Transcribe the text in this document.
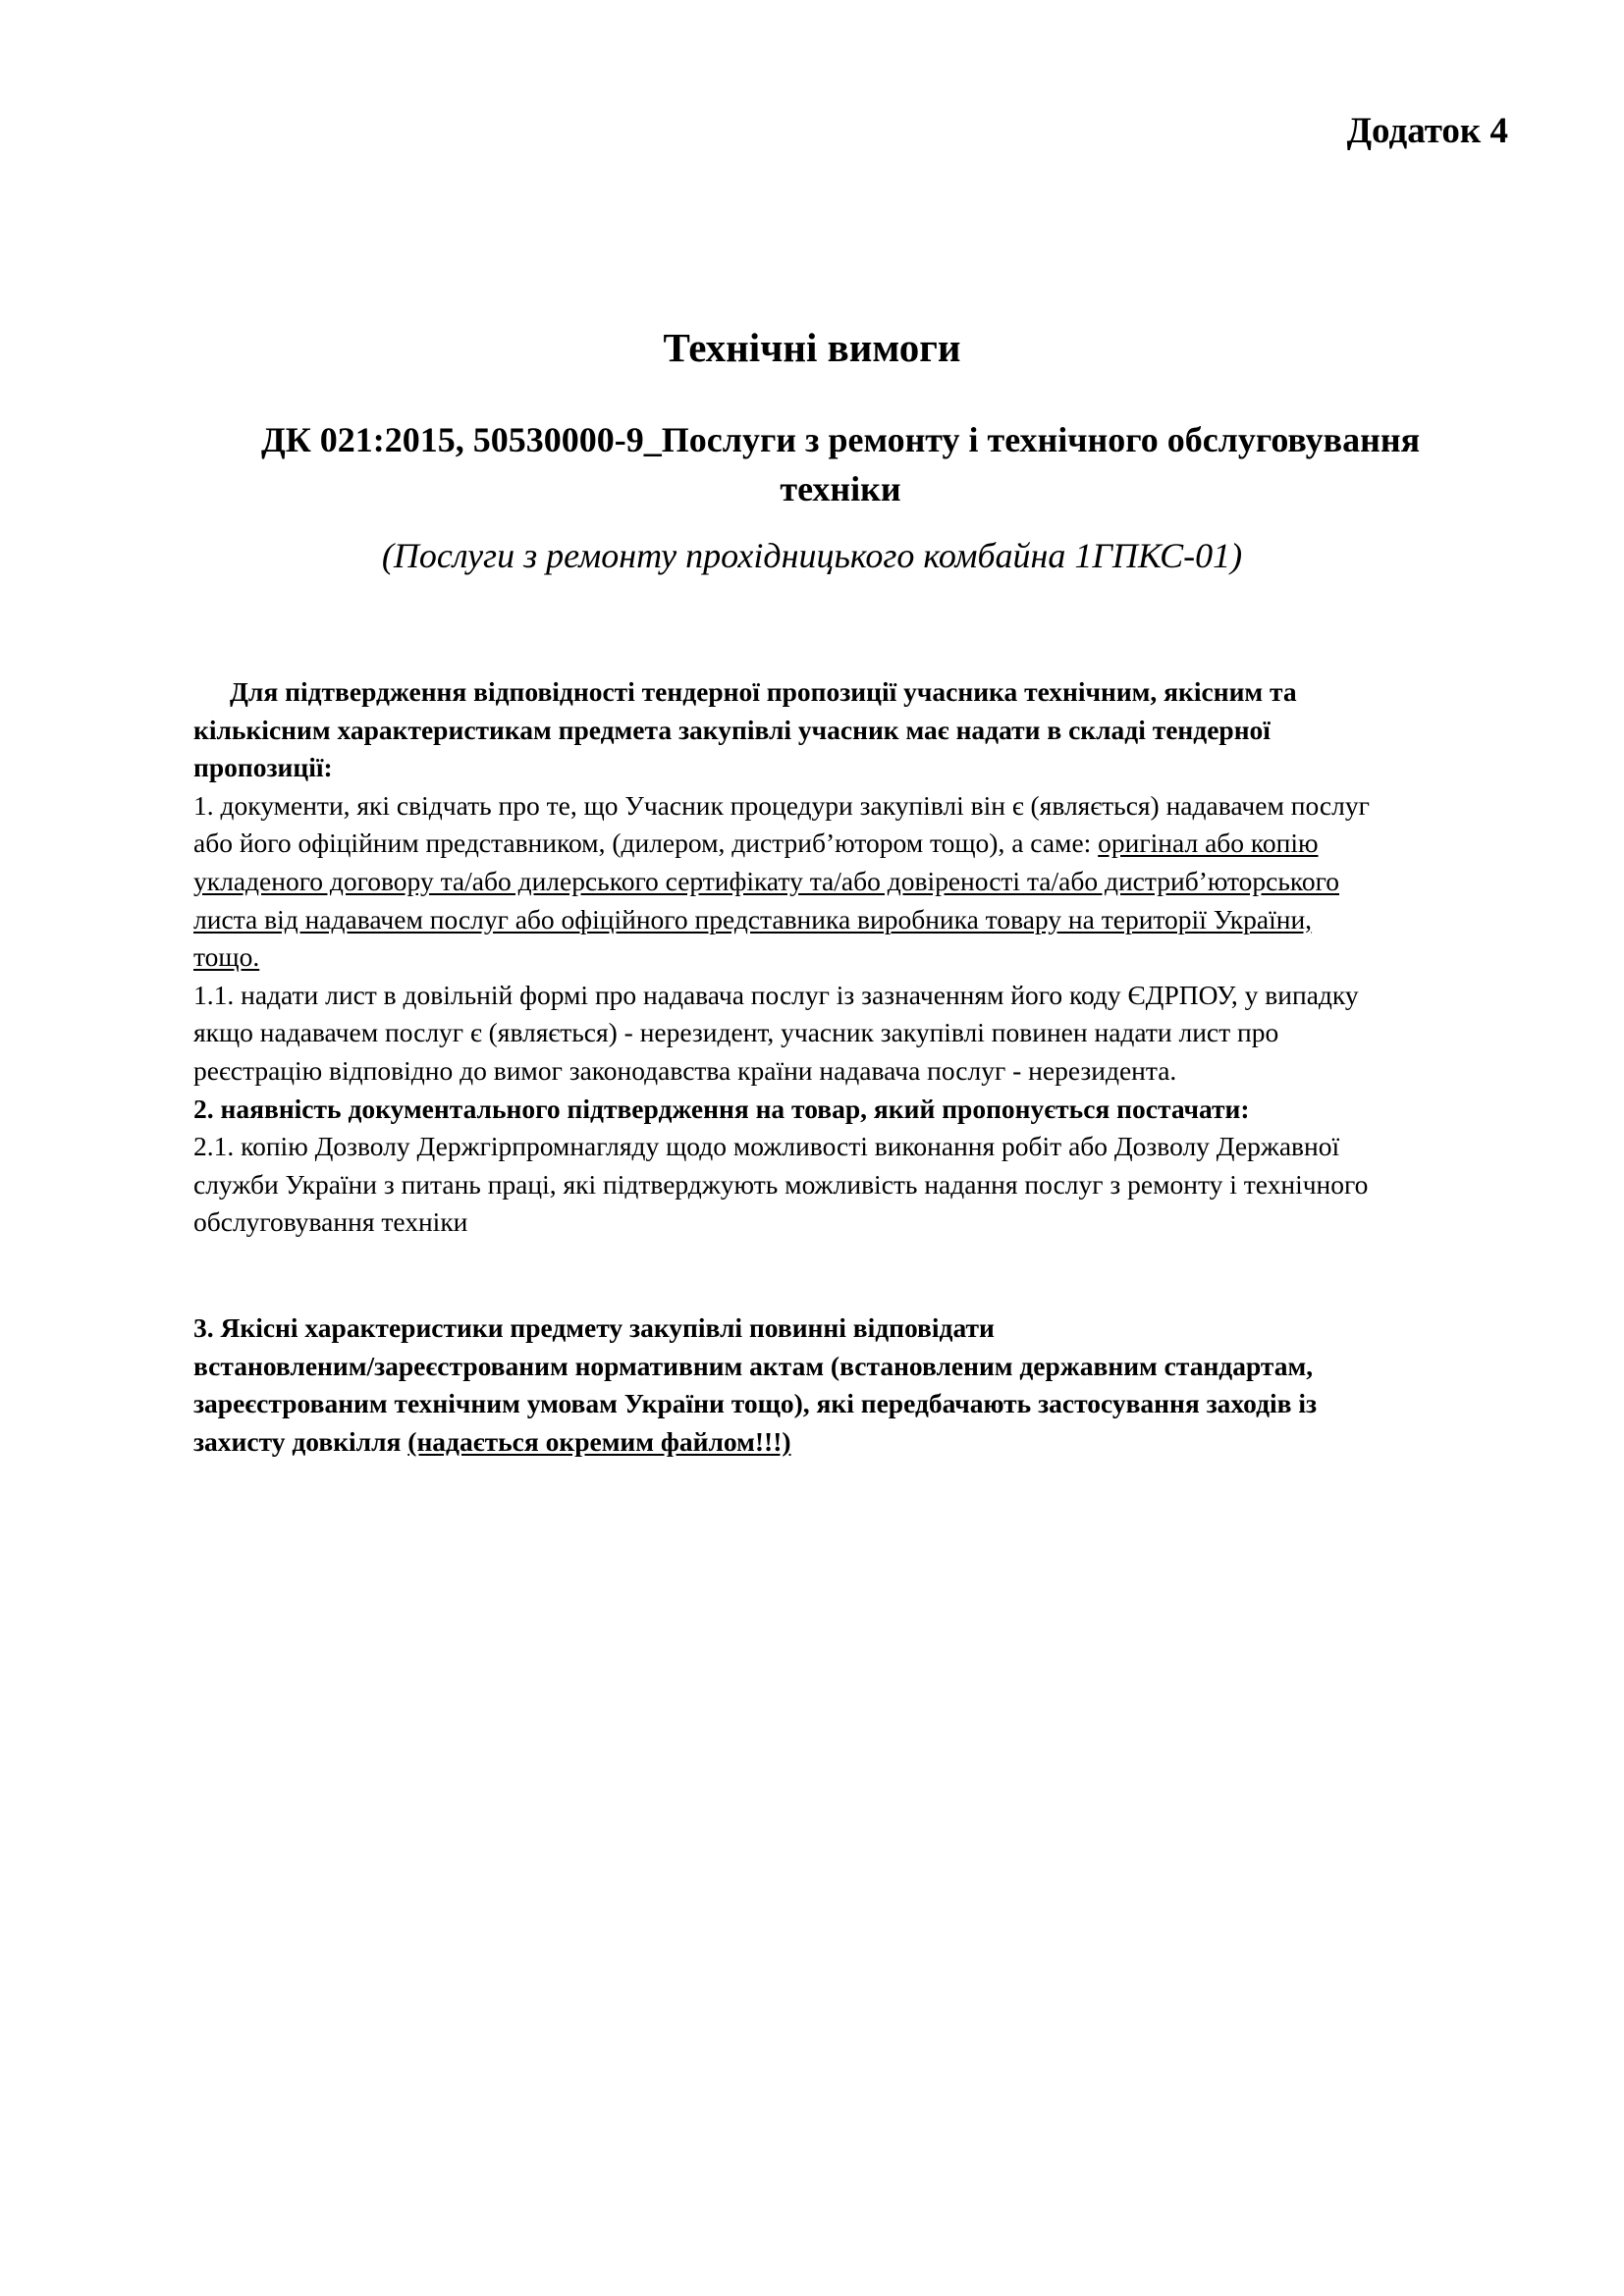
Додаток 4
Технічні вимоги
ДК 021:2015, 50530000-9_Послуги з ремонту і технічного обслуговування
техніки
(Послуги з ремонту прохідницького комбайна 1ГПКС-01)

Для підтвердження відповідності тендерної пропозиції учасника технічним, якісним та
кількісним характеристикам предмета закупівлі учасник має надати в складі тендерної
пропозиції:

1. документи, які свідчать про те, що Учасник процедури закупівлі він є (являється) надавачем послуг
або його офіційним представником, (дилером, дистриб’ютором тощо), а саме: оригінал або копію
укладеного договору та/або дилерського сертифікату та/або довіреності та/або дистриб’юторського
листа від надавачем послуг або офіційного представника виробника товару на території України,
тощо.

1.1. надати лист в довільній формі про надавача послуг із зазначенням його коду ЄДРПОУ, у випадку
якщо надавачем послуг є (являється) - нерезидент, учасник закупівлі повинен надати лист про
реєстрацію відповідно до вимог законодавства країни надавача послуг - нерезидента.

2. наявність документального підтвердження на товар, який пропонується постачати:
2.1. копію Дозволу Держгірпромнагляду щодо можливості виконання робіт або Дозволу Державної
служби України з питань праці, які підтверджують можливість надання послуг з ремонту і технічного
обслуговування техніки

3. Якісні характеристики предмету закупівлі повинні відповідати
встановленим/зареєстрованим нормативним актам (встановленим державним стандартам,
зареєстрованим технічним умовам України тощо), які передбачають застосування заходів із
захисту довкілля (надається окремим файлом!!!)
